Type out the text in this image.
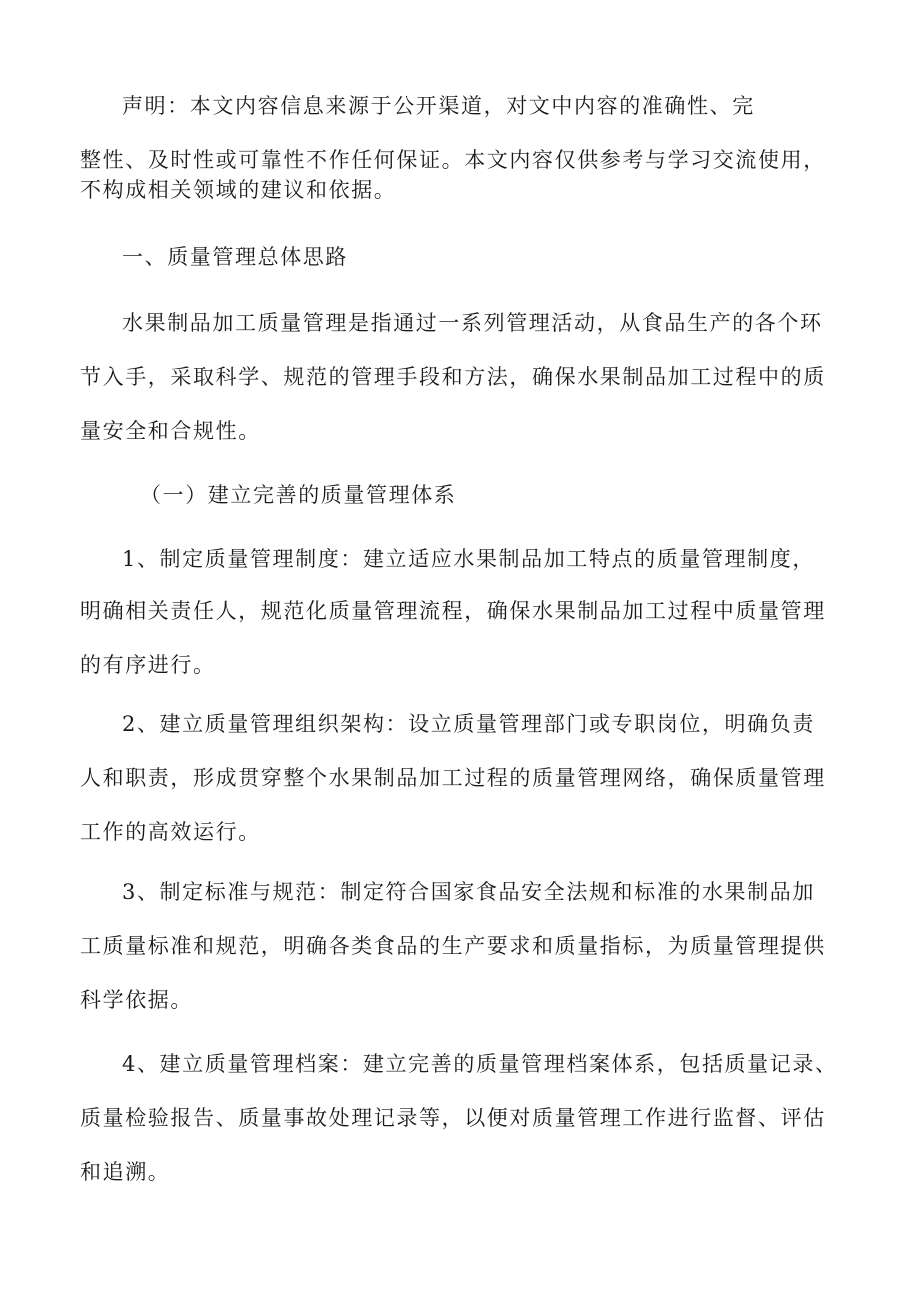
声明：本文内容信息来源于公开渠道，对文中内容的准确性、完
整性、及时性或可靠性不作任何保证。本文内容仅供参考与学习交流使用，
不构成相关领域的建议和依据。
一、质量管理总体思路
水果制品加工质量管理是指通过一系列管理活动，从食品生产的各个环
节入手，采取科学、规范的管理手段和方法，确保水果制品加工过程中的质
量安全和合规性。
（一）建立完善的质量管理体系
1、制定质量管理制度：建立适应水果制品加工特点的质量管理制度，
明确相关责任人，规范化质量管理流程，确保水果制品加工过程中质量管理
的有序进行。
2、建立质量管理组织架构：设立质量管理部门或专职岗位，明确负责
人和职责，形成贯穿整个水果制品加工过程的质量管理网络，确保质量管理
工作的高效运行。
3、制定标准与规范：制定符合国家食品安全法规和标准的水果制品加
工质量标准和规范，明确各类食品的生产要求和质量指标，为质量管理提供
科学依据。
4、建立质量管理档案：建立完善的质量管理档案体系，包括质量记录、
质量检验报告、质量事故处理记录等，以便对质量管理工作进行监督、评估
和追溯。
